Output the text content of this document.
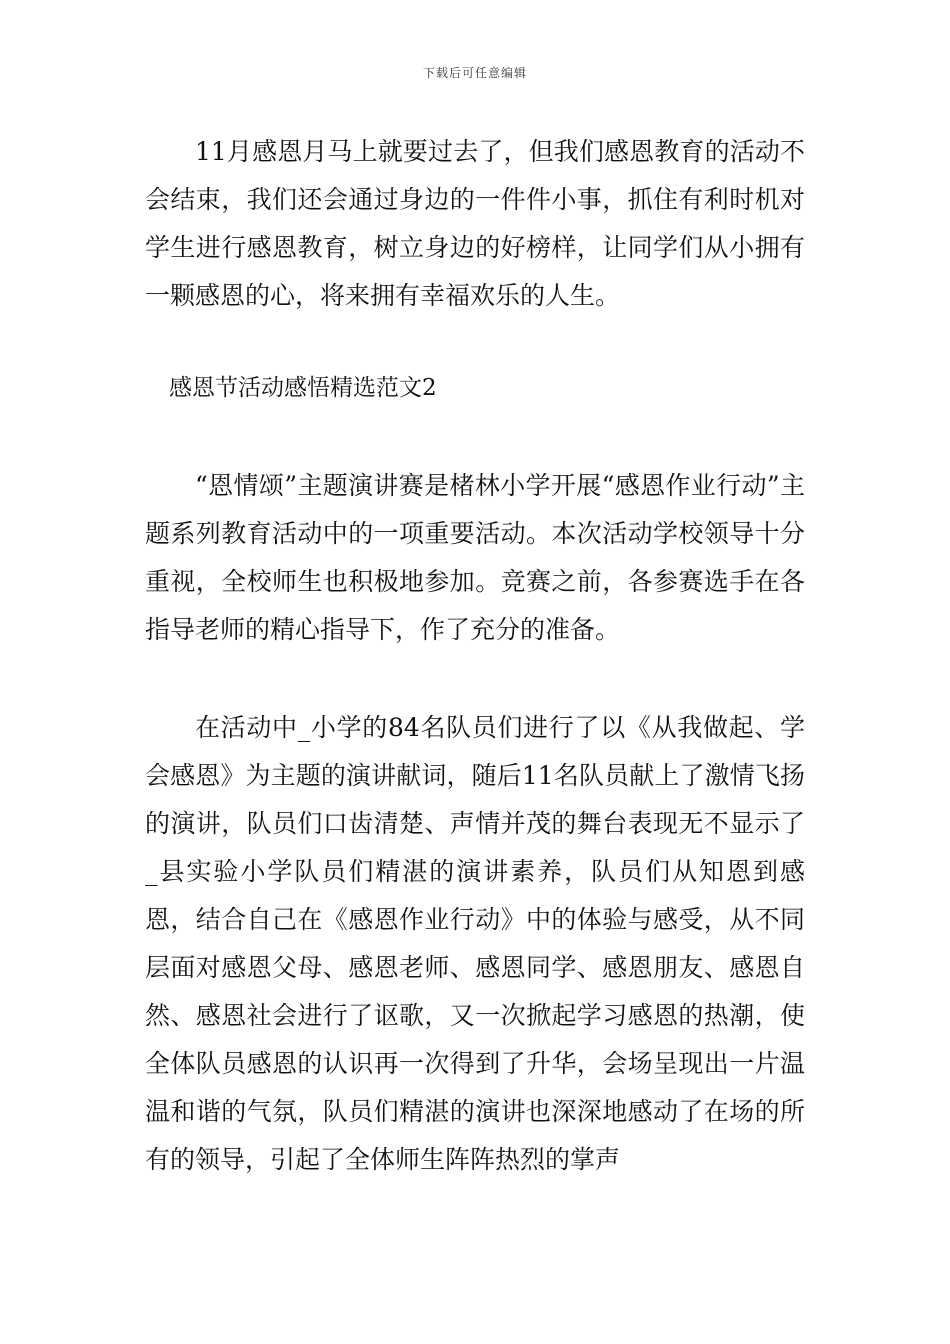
下载后可任意编辑

11月感恩月马上就要过去了，但我们感恩教育的活动不会结束，我们还会通过身边的一件件小事，抓住有利时机对学生进行感恩教育，树立身边的好榜样，让同学们从小拥有一颗感恩的心，将来拥有幸福欢乐的人生。

感恩节活动感悟精选范文2

“恩情颂”主题演讲赛是楮林小学开展“感恩作业行动”主题系列教育活动中的一项重要活动。本次活动学校领导十分重视，全校师生也积极地参加。竞赛之前，各参赛选手在各指导老师的精心指导下，作了充分的准备。

在活动中_小学的84名队员们进行了以《从我做起、学会感恩》为主题的演讲献词，随后11名队员献上了激情飞扬的演讲，队员们口齿清楚、声情并茂的舞台表现无不显示了_县实验小学队员们精湛的演讲素养，队员们从知恩到感恩，结合自己在《感恩作业行动》中的体验与感受，从不同层面对感恩父母、感恩老师、感恩同学、感恩朋友、感恩自然、感恩社会进行了讴歌，又一次掀起学习感恩的热潮，使全体队员感恩的认识再一次得到了升华，会场呈现出一片温温和谐的气氛，队员们精湛的演讲也深深地感动了在场的所有的领导，引起了全体师生阵阵热烈的掌声
